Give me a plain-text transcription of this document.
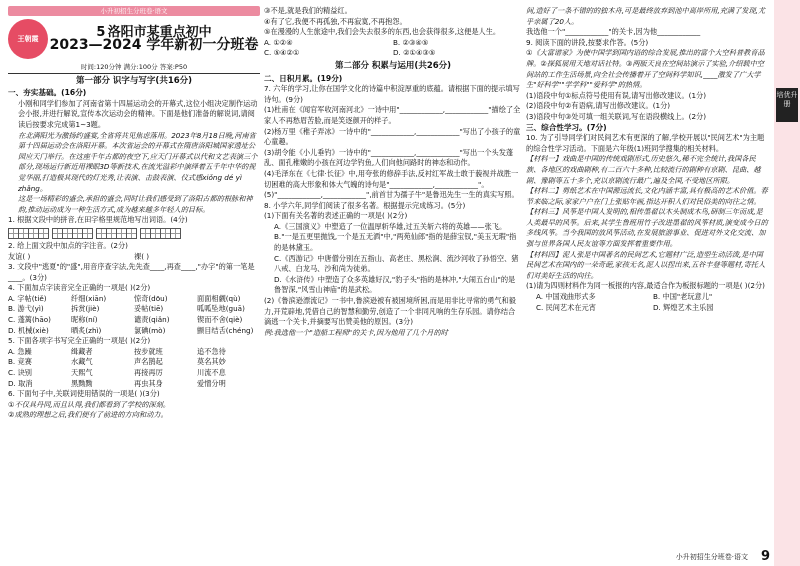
小升初招生分班卷·语文
王朝霞	5 洛阳市某重点初中
2023—2024 学年新初一分班卷
时间:120分钟 满分:100分 答案:P50
第一部分 识字与写字(共16分)
一、夯实基础。(16分)

小刚和同学们参加了河南省第十四届运动会的开幕式,这位小组决定制作运动会小报,并进行解说,宣传本次运动会的精神。下面是他们准备的解说词,请阅读后按要求完成第1~3题。

在北满阳光为激扬约盛宴,全省将共见焦虑落用。2023年8月18日晚,河南省第十四届运动会在洛阳开幕。本次省运会的开幕式在隋唐洛阳城国家遗址公园应天门举行。在这座千年古都的夜空下,应天门开幕式以代和文艺表演三个部分,现场运行新近用裸眼3D等新技术,在流光溢彩中演绎着五千年中华的视觉华丽,打造极其现代的灯光秀,让表演、击鼓表演、仪式感xiǒng dé yì zhǎng。

这是一场精彩的盛会,承担的盛会,同时让我们感受到了洛阳古都的根脉和神韵,推动运动成为一种生活方式,成为越来越多年轻人的目标。

1. 根据文段中的拼音,在田字格里规范地写出词语。(4分)

2. 给上面文段中加点的字注音。(2分)

友谊( )	裸( )

3. 文段中"逃夏"的"盛",用音序查字法,先先查____,再查____,"办字"的第一笔是____。(3分)

4. 下面加点字读音完全正确的一项是( )(2分)

A. 字帖(tiě)	纤细(xiān)	惊奇(dōu)	面面相觑(qù)
B. 游弋(yì)	拆赏(jiè)	妥帖(tiē)	呱呱坠地(guā)
C. 蓬篱(hāo)	昵称(ní)	谴责(qiǎn)	锲而不舍(qiè)
D. 机械(xiè)	晒炙(zhì)	氯碘(mò)	颤目结舌(chéng)

5. 下面各项字书写完全正确的一项是( )(2分)

A. 急躁	缉藏者	按步就班	追不急待
B. 竞赛	水藏气	声名鹊起	莫名其妙
C. 诀别	天熙气	再接再厉	川流不息
D. 取消	黑黝黝	再虫其身	爱憎分明

6. 下面句子中,关联词使用错误的一项是( )(3分)

①不仅具丹同,而且认得,我们都看到了学校的深刻。

②成熟的理想之后,我们便有了前进的方向和动力。

③不是,就是我们的精益红。

④有了它,我便不再孤独,不再寂寞,不再抱怨。

⑤在漫漫的人生旅途中,我们会失去很多的东西,也会获得很多,这便是人生。

A. ①②④	B. ②③④⑤
C. ⑤④②①	D. ②①④③⑤
第二部分 积累与运用(共26分)
二、日积月累。(19分)

7. 六年的学习,让你在国学文化的诗篇中积淀厚重的底蕴。请根据下面的提示填写诗句。(9分)

(1)杜甫在《闻官军收河南河北》一诗中用"____________,____________"描绘了全家人不再愁眉苦脸,而是笑逐颜开的样子。

(2)杨万里《稚子弄冰》一诗中的"____________,____________"写出了小孩子的童心童趣。

(3)胡令能《小儿垂钓》一诗中的"____________,____________"写出一个头发蓬乱、面孔稚嫩的小孩在河边学钓鱼,人们向他问路时的神态和动作。

(4)毛泽东在《七律·长征》中,用夸张的修辞手法,反衬红军战士敢于藐视并战胜一切困难的高大形象和体大气魄的诗句是"____________,____________"。

(5)"____________,____________",前首甘为孺子牛"是鲁迅先生一生的真实写照。

8. 小学六年,同学们阅读了很多名著。根据提示完成练习。(5分)

(1)下面有关名著的表述正确的一项是( )(2分)

A.《三国演义》中塑造了一位温厚斩华雄,过五关斩六将的英雄——张飞。

B."一是五更里抛饯,一个是五无洒"中,"两苑仙郎"指的是薛宝钗,"美玉无瑕"指的是林黛玉。

C.《西游记》中唐僧分别在五指山、高老庄、黑松涧、流沙河收了孙悟空、猪八戒、白龙马、沙和尚为徒弟。

D.《水浒传》中塑造了众多英雄好汉,"豹子头"指的是林冲,"大闹五台山"的是鲁智深,"风雪山神庙"的是武松。

(2)《鲁滨逊漂流记》一书中,鲁滨逊被有被困境所困,而是用非比寻常的勇气和毅力,开荒辟地,凭借自己的智慧和勤劳,创造了一个非同凡响的生存乐园。请你结合滴逃一个关卡,并摘要写出赞美他的原因。(3分)

例:我选他一个"造船工程师"的关卡,因为他用了几个月的时

间,造好了一条不错的的独木舟,可是最终放弃到池中离岸所用,充满了发现,尤乎亲属了20人。

我选他一个"____________"的关卡,因为他____________

9. 阅读下面的讲段,按要求作答。(5分)

①《大富谱家》为使中国学到国内语的综合发展,推出的富个大空科普教育品牌。②探狐展用天地对话社特。③两版天良在空间站演示了实验,介绍载中空间站的工作生活场景,向全社会传播着开了空间科学知识,____激发了广大学生"好科学""学学科""爱科学"的热情。

(1)语段中句①标点符号使用有误,请写出修改建议。(1分)

(2)语段中句②有语病,请写出修改建议。(1分)

(3)语段中句③处可填一组关联词,写在语段横线上。(2分)

三、综合性学习。(7分)

10. 为了引导同学们对民间艺术有更深的了解,学校开展以"民间艺术"为主题的综合性学习活动。下面是六年级(1)班同学搜集的相关材料。

【材料一】戏曲是中国的传统戏剧形式,历史悠久,稀不完全统计,我国各民族、各地区的戏曲剧种,有二百六十多种,比较流行的剧种有京剧、昆曲、越剧、豫剧等五十多个,充以京剧流行最广,遍及全国,不受地区所限。

【材料二】剪纸艺术在中国源远流长,文化内涵丰富,具有极高的艺术价值。春节来临之际,家家户户在门上张贴年画,指达开积人们对民俗美的向往之情。

【材料三】风筝是中国人发明的,相传墨翟以木头制成木鸟,研制三年而成,是人类最早的风筝。后来,其学生鲁班用竹子改进墨翟的风筝材质,演变成今日的多线风筝。当今我国的放风筝活动,在发展旅游事业、促进对外文化交流、加强与世界各国人民友谊等方面发挥着重要作用。

【材料四】泥人张是中国著名的民间艺术,它题材广泛,造型生动活泼,是中国民间艺术在国内的一朵奇葩,家孩无名,泥人以捏出来,五谷丰登等题材,寄托人们对美好生活的向往。

(1)请为四则材料作为同一板报的内容,最适合作为板报标题的一项是( )(2分)

A. 中国戏曲形式多	B. 中国"老玩意儿"
C. 民间艺术在元宵	D. 辉煌艺术主乐园
培优升册
小升初招生分班卷·语文 9
